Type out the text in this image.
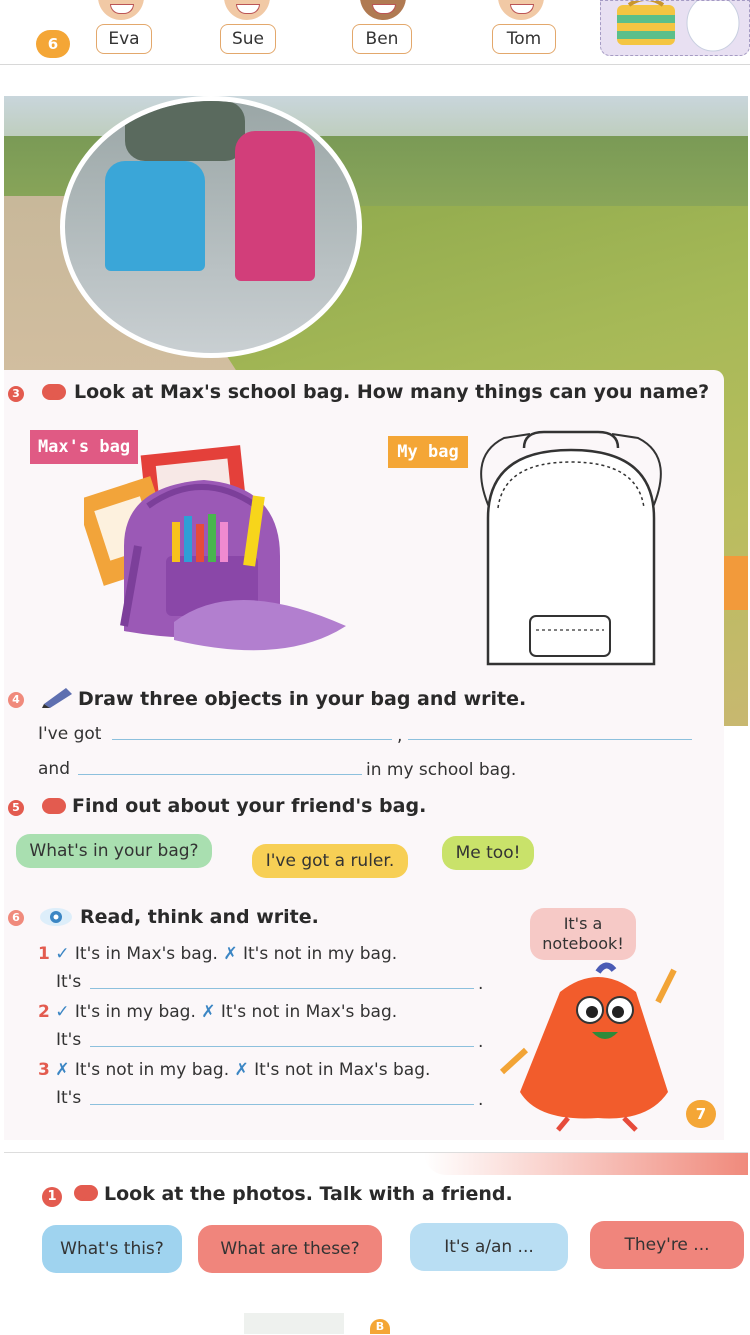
6	Eva	Sue	Ben	Tom
3	Look at Max's school bag. How many things can you name?
Max's bag	My bag
4	Draw three objects in your bag and write.
I've got	,
and	in my school bag.
5	Find out about your friend's bag.
What's in your bag?	I've got a ruler.	Me too!
6	Read, think and write.
1 ✓ It's in Max's bag. ✗ It's not in my bag.
It's	.
2 ✓ It's in my bag. ✗ It's not in Max's bag.
It's	.
3 ✗ It's not in my bag. ✗ It's not in Max's bag.
It's	.
It's a
notebook!
7
1 Look at the photos. Talk with a friend.
What's this?	What are these?	It's a/an ...	They're ...
B
